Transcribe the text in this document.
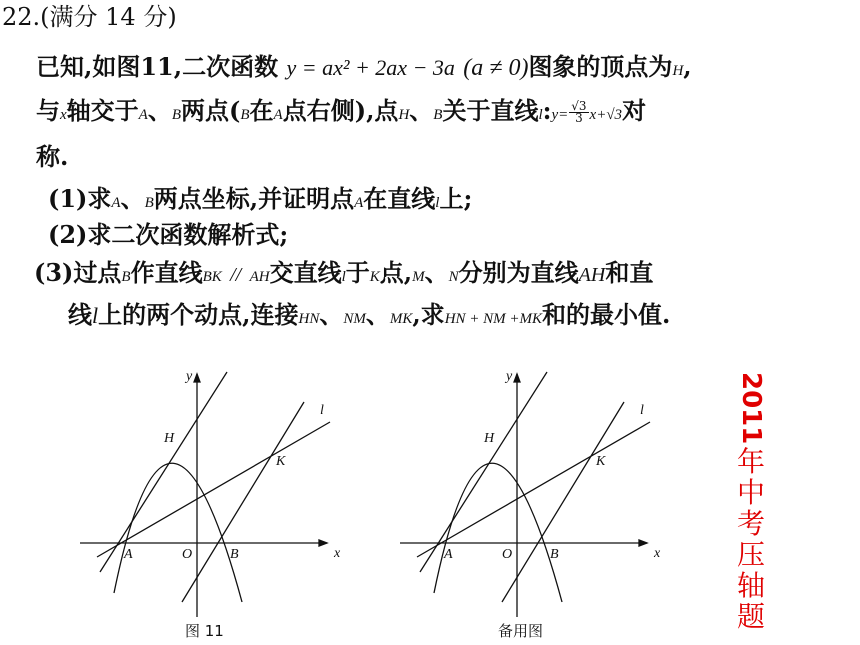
22.(满分 14 分)
已知,如图11,二次函数 y = ax² + 2ax − 3a (a ≠ 0)图象的顶点为H,
与x轴交于A、B两点(B在A点右侧),点H、B关于直线l:y= $\frac{√3}{3} x+√3$对
称.
(1)求A、B两点坐标,并证明点A在直线l上;
(2)求二次函数解析式;
(3)过点B作直线BK // AH交直线l于K点,M、N分别为直线AH和直
线l上的两个动点,连接HN、NM、MK,求HN + NM +MK和的最小值.
y
x
O
A	B
H
K
l
图 11
y
x
O
A	B
H
K
l
备用图
2011
年
中
考
压
轴
题
